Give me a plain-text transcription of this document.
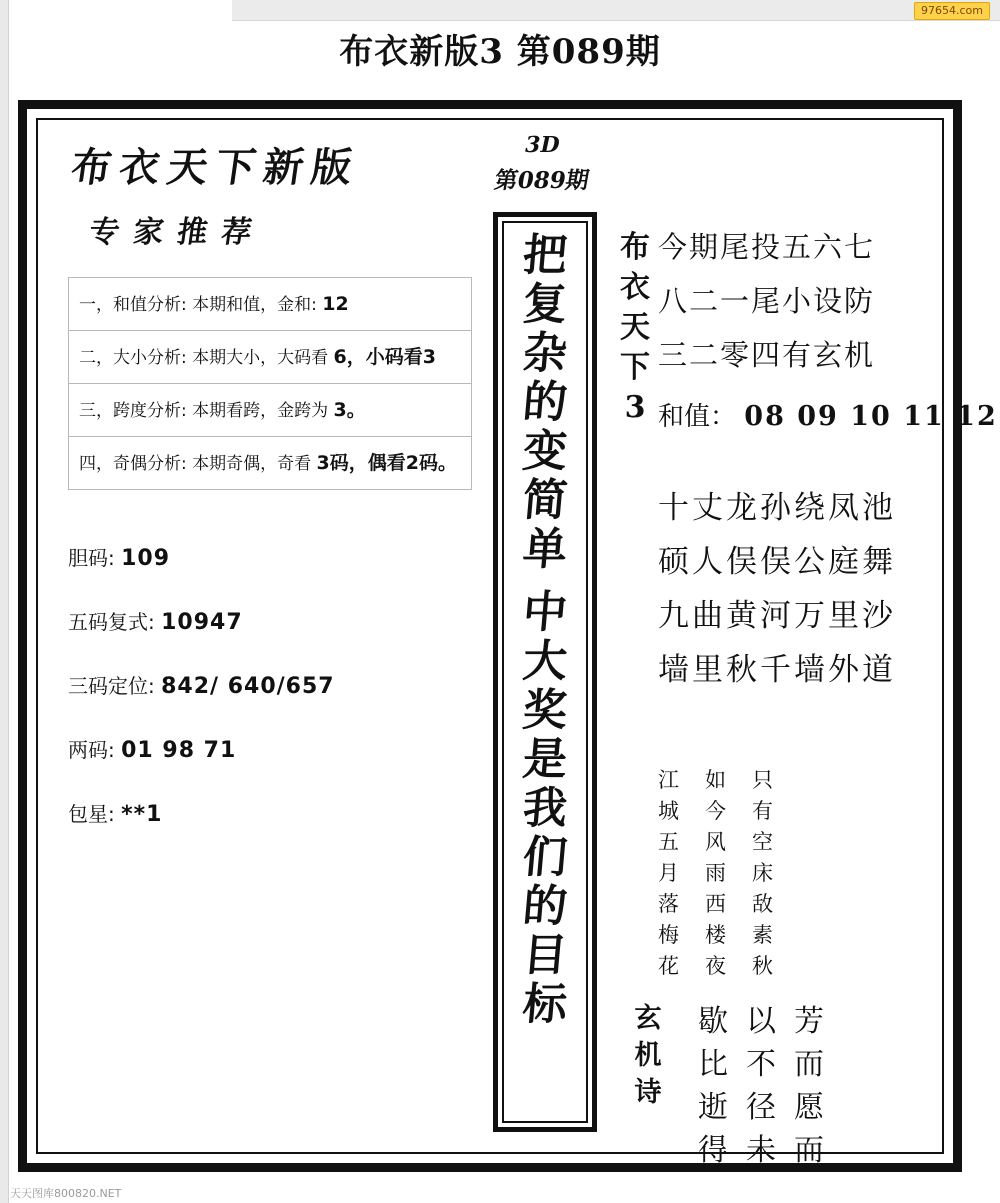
97654.com
布衣新版3 第089期
布衣天下新版
专家推荐
一，和值分析: 本期和值，金和: 12
二，大小分析: 本期大小，大码看 6，小码看3
三，跨度分析: 本期看跨，金跨为 3。
四，奇偶分析: 本期奇偶，奇看 3码，偶看2码。
胆码: 109
五码复式: 10947
三码定位: 842/ 640/657
两码: 01 98 71
包星: **1
3D
第089期
把
复
杂
的
变
简
单
中
大
奖
是
我
们
的
目
标
布
衣
天
下
3
今期尾投五六七
八二一尾小设防
三二零四有玄机
和值： 08 09 10 11 12
十丈龙孙绕凤池
硕人俣俣公庭舞
九曲黄河万里沙
墙里秋千墙外道
只
有
空
床
敌
素
秋
如
今
风
雨
西
楼
夜
江
城
五
月
落
梅
花
玄
机
诗
芳
而
愿
而
以
不
径
未
歇
比
逝
得
天天图库800820.NET
